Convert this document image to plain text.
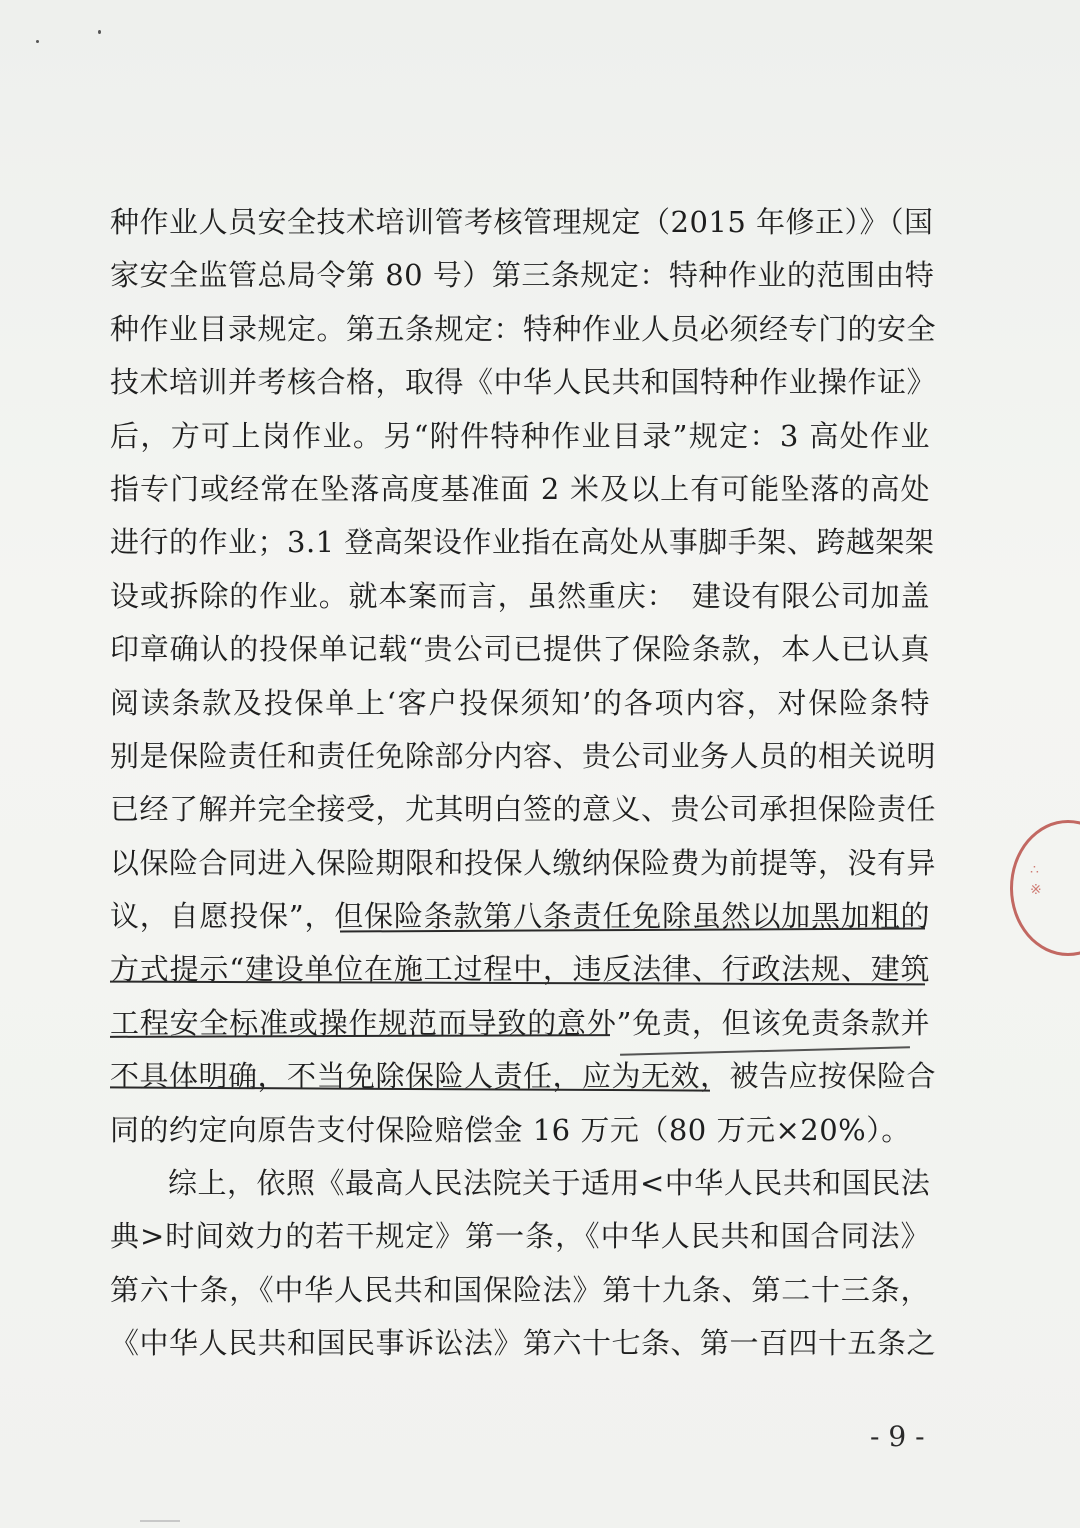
种作业人员安全技术培训管考核管理规定（2015 年修正）》（国
家安全监管总局令第 80 号）第三条规定：特种作业的范围由特
种作业目录规定。第五条规定：特种作业人员必须经专门的安全
技术培训并考核合格，取得《中华人民共和国特种作业操作证》
后，方可上岗作业。另“附件特种作业目录”规定：3 高处作业
指专门或经常在坠落高度基准面 2 米及以上有可能坠落的高处
进行的作业；3.1 登高架设作业指在高处从事脚手架、跨越架架
设或拆除的作业。就本案而言，虽然重庆：　建设有限公司加盖
印章确认的投保单记载“贵公司已提供了保险条款，本人已认真
阅读条款及投保单上‘客户投保须知’的各项内容，对保险条特
别是保险责任和责任免除部分内容、贵公司业务人员的相关说明
已经了解并完全接受，尤其明白签的意义、贵公司承担保险责任
以保险合同进入保险期限和投保人缴纳保险费为前提等，没有异
议，自愿投保”，但保险条款第八条责任免除虽然以加黑加粗的
方式提示“建设单位在施工过程中，违反法律、行政法规、建筑
工程安全标准或操作规范而导致的意外”免责，但该免责条款并
不具体明确，不当免除保险人责任，应为无效，被告应按保险合
同的约定向原告支付保险赔偿金 16 万元（80 万元×20%）。
综上，依照《最高人民法院关于适用<中华人民共和国民法
典>时间效力的若干规定》第一条，《中华人民共和国合同法》
第六十条，《中华人民共和国保险法》第十九条、第二十三条，
《中华人民共和国民事诉讼法》第六十七条、第一百四十五条之
∴
※
- 9 -
